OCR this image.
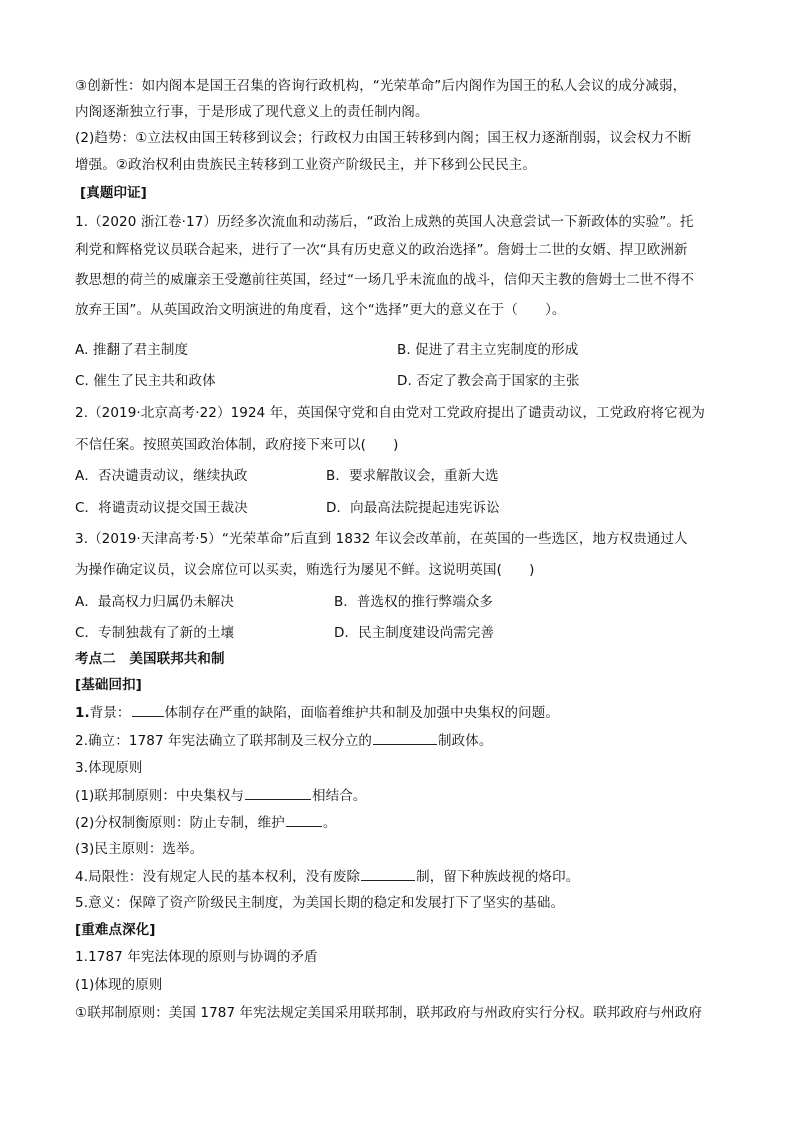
③创新性：如内阁本是国王召集的咨询行政机构，“光荣革命”后内阁作为国王的私人会议的成分减弱，
内阁逐渐独立行事，于是形成了现代意义上的责任制内阁。
(2)趋势：①立法权由国王转移到议会；行政权力由国王转移到内阁；国王权力逐渐削弱，议会权力不断
增强。②政治权利由贵族民主转移到工业资产阶级民主，并下移到公民民主。
[真题印证]
1.（2020 浙江卷·17）历经多次流血和动荡后，“政治上成熟的英国人决意尝试一下新政体的实验”。托
利党和辉格党议员联合起来，进行了一次“具有历史意义的政治选择”。詹姆士二世的女婿、捍卫欧洲新
教思想的荷兰的威廉亲王受邀前往英国，经过“一场几乎未流血的战斗，信仰天主教的詹姆士二世不得不
放弃王国”。从英国政治文明演进的角度看，这个“选择”更大的意义在于（　　）。
A. 推翻了君主制度	B. 促进了君主立宪制度的形成
C. 催生了民主共和政体	D. 否定了教会高于国家的主张
2.（2019·北京高考·22）1924 年，英国保守党和自由党对工党政府提出了谴责动议，工党政府将它视为
不信任案。按照英国政治体制，政府接下来可以(　　)
A．否决谴责动议，继续执政	B．要求解散议会，重新大选
C．将谴责动议提交国王裁决	D．向最高法院提起违宪诉讼
3.（2019·天津高考·5）“光荣革命”后直到 1832 年议会改革前，在英国的一些选区，地方权贵通过人
为操作确定议员，议会席位可以买卖，贿选行为屡见不鲜。这说明英国(　　)
A．最高权力归属仍未解决	B．普选权的推行弊端众多
C．专制独裁有了新的土壤	D．民主制度建设尚需完善
考点二　美国联邦共和制
[基础回扣]
1.背景：	体制存在严重的缺陷，面临着维护共和制及加强中央集权的问题。
2.确立：1787 年宪法确立了联邦制及三权分立的	制政体。
3.体现原则
(1)联邦制原则：中央集权与	相结合。
(2)分权制衡原则：防止专制，维护	。
(3)民主原则：选举。
4.局限性：没有规定人民的基本权利，没有废除	制，留下种族歧视的烙印。
5.意义：保障了资产阶级民主制度，为美国长期的稳定和发展打下了坚实的基础。
[重难点深化]
1.1787 年宪法体现的原则与协调的矛盾
(1)体现的原则
①联邦制原则：美国 1787 年宪法规定美国采用联邦制，联邦政府与州政府实行分权。联邦政府与州政府
